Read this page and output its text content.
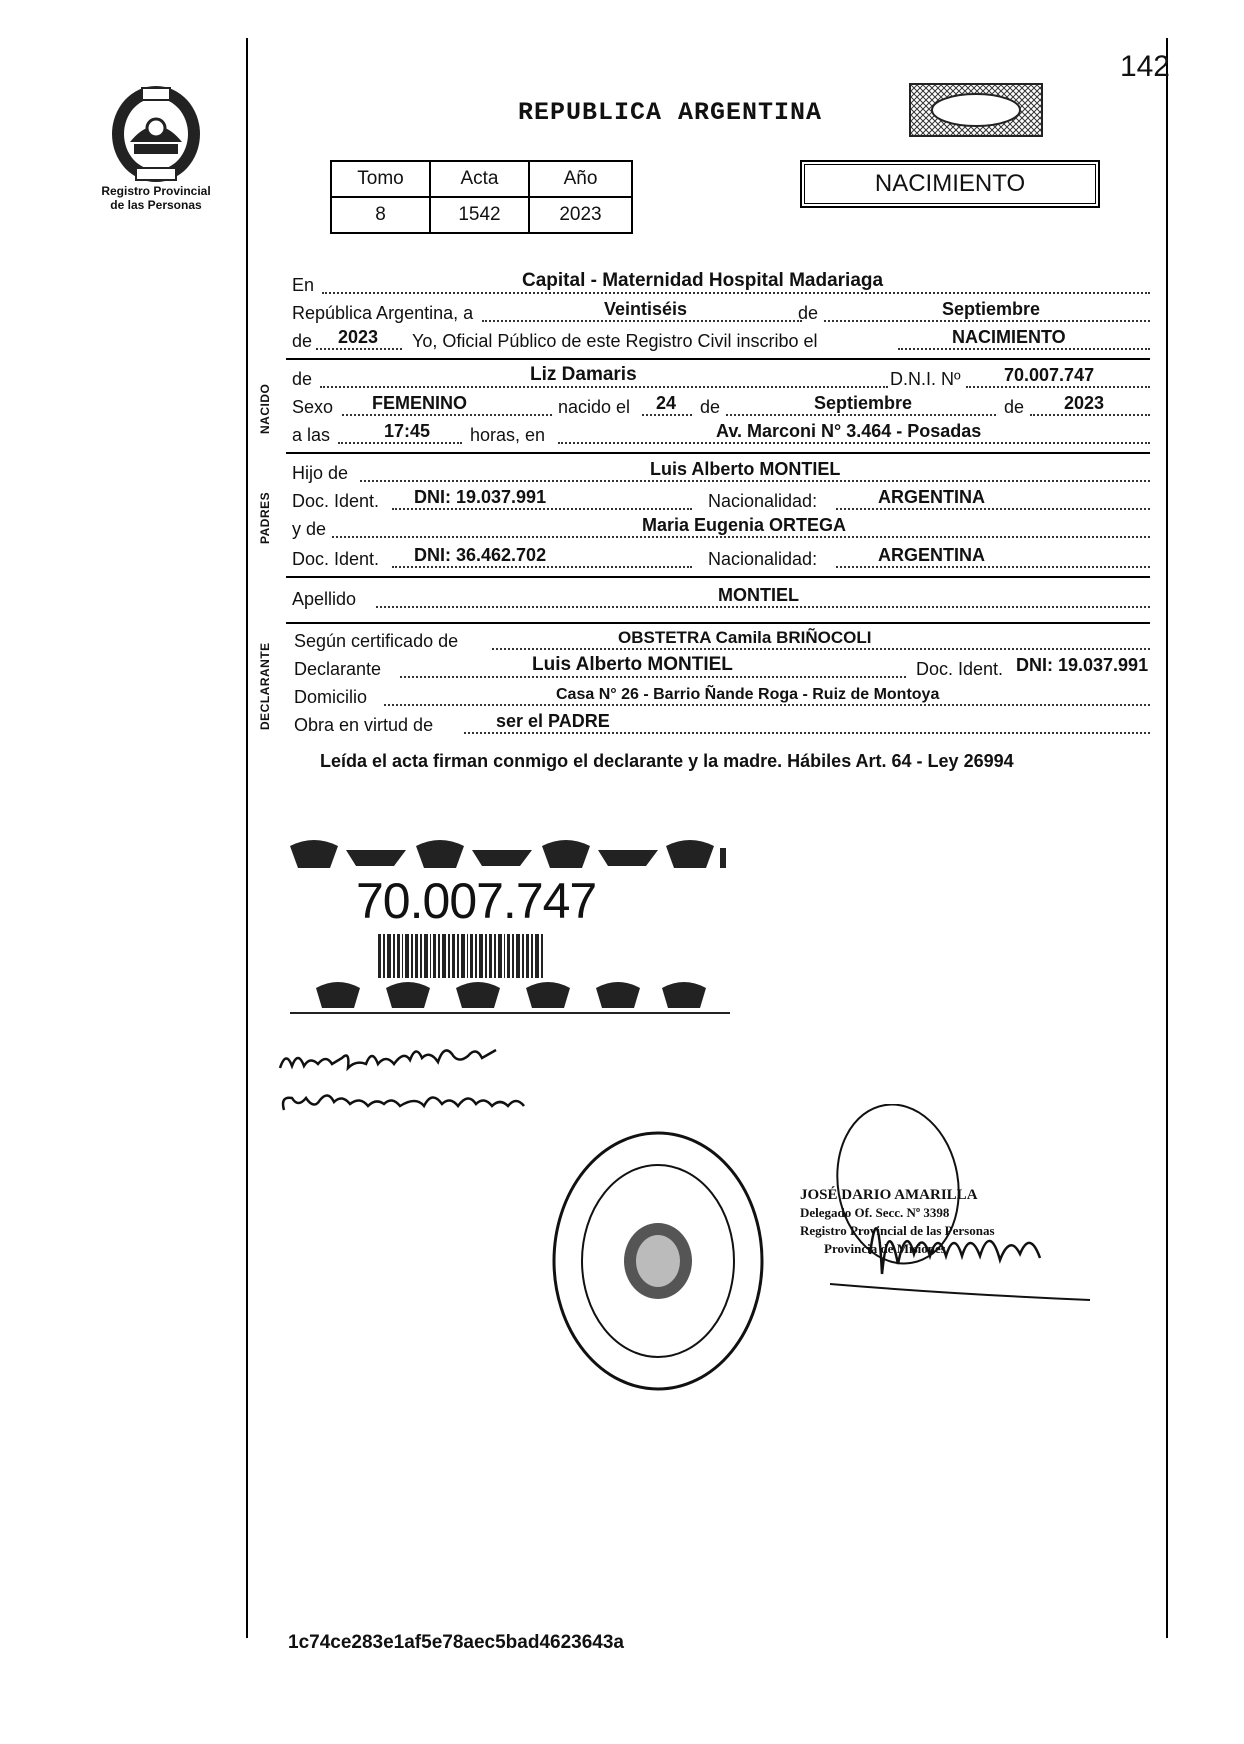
Registro Provincial
de las Personas
142
REPUBLICA ARGENTINA
Tomo	Acta	Año
8	1542	2023
NACIMIENTO
En	Capital - Maternidad Hospital Madariaga
República Argentina, a	Veintiséis	de	Septiembre
de 2023 Yo, Oficial Público de este Registro Civil inscribo el	NACIMIENTO
NACIDO
de	Liz Damaris	D.N.I. Nº 70.007.747
Sexo FEMENINO	nacido el 24 de	Septiembre	de 2023
a las	17:45 horas, en	Av. Marconi N° 3.464 - Posadas
PADRES
Hijo de	Luis Alberto MONTIEL
Doc. Ident. DNI: 19.037.991	Nacionalidad:	ARGENTINA
y de	Maria Eugenia ORTEGA
Doc. Ident. DNI: 36.462.702	Nacionalidad:	ARGENTINA
Apellido	MONTIEL
DECLARANTE
Según certificado de	OBSTETRA Camila BRIÑOCOLI
Declarante	Luis Alberto MONTIEL	Doc. Ident. DNI: 19.037.991
Domicilio	Casa N° 26 - Barrio Ñande Roga - Ruiz de Montoya
Obra en virtud de	ser el PADRE
Leída el acta firman conmigo el declarante y la madre. Hábiles Art. 64 - Ley 26994
70.007.747
JOSÉ DARIO AMARILLA
Delegado Of. Secc. Nº 3398
Registro Provincial de las Personas
Provincia de Misiones
1c74ce283e1af5e78aec5bad4623643a
